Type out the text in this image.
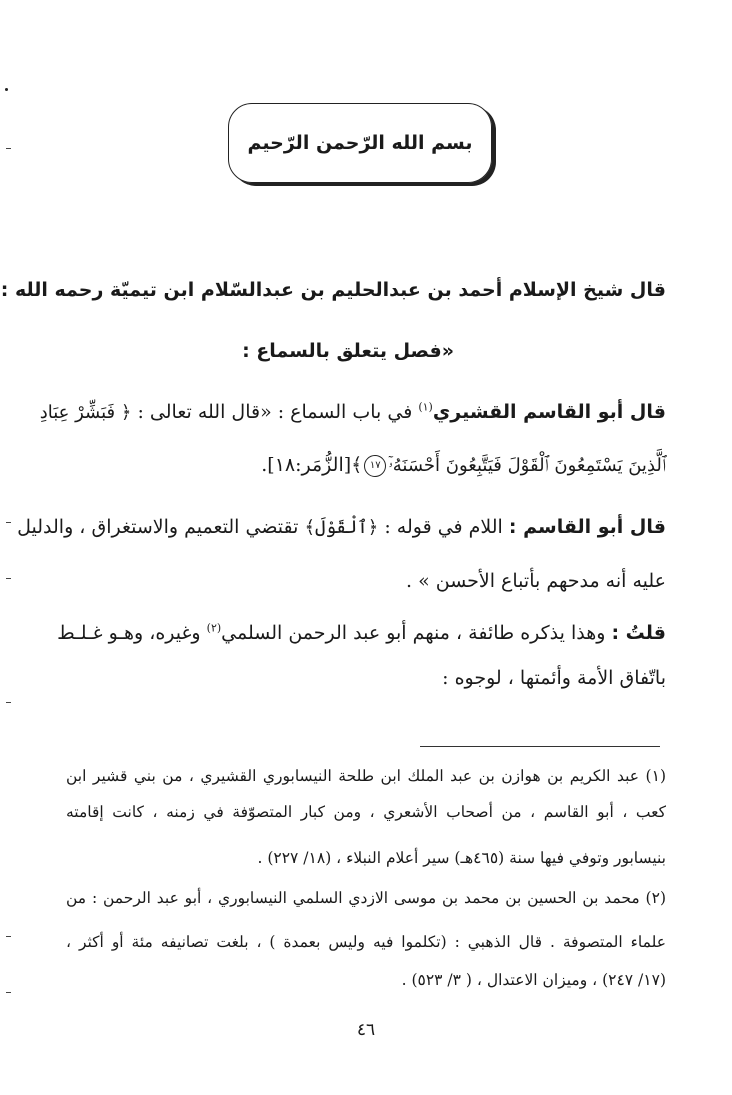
بسم الله الرّحمن الرّحيم
قال شيخ الإسلام أحمد بن عبدالحليم بن عبدالسّلام ابن تيميّة رحمه الله :
«فصل يتعلق بالسماع :
قال أبو القاسم القشيري$^{(١)}$ في باب السماع : «قال الله تعالى : ﴿ فَبَشِّرْ عِبَادِ
ٱلَّذِينَ يَسْتَمِعُونَ ٱلْقَوْلَ فَيَتَّبِعُونَ أَحْسَنَهُۥٓ١٧﴾[الزُّمَر:١٨].
قال أبو القاسم : اللام في قوله : ﴿ٱلْقَوْلَ﴾ تقتضي التعميم والاستغراق ، والدليل
عليه أنه مدحهم بأتباع الأحسن » .
قلتُ : وهذا يذكره طائفة ، منهم أبو عبد الرحمن السلمي$^{(٢)}$ وغيره، وهـو غـلـط
باتّفاق الأمة وأئمتها ، لوجوه :
(١) عبد الكريم بن هوازن بن عبد الملك ابن طلحة النيسابوري القشيري ، من بني قشير ابن
كعب ، أبو القاسم ، من أصحاب الأشعري ، ومن كبار المتصوّفة في زمنه ، كانت إقامته
بنيسابور وتوفي فيها سنة (٤٦٥هـ) سير أعلام النبلاء ، (١٨/ ٢٢٧) .
(٢) محمد بن الحسين بن محمد بن موسى الازدي السلمي النيسابوري ، أبو عبد الرحمن : من
علماء المتصوفة . قال الذهبي : (تكلموا فيه وليس بعمدة ) ، بلغت تصانيفه مئة أو أكثر ،
(١٧/ ٢٤٧) ، وميزان الاعتدال ، ( ٣/ ٥٢٣) .
٤٦
